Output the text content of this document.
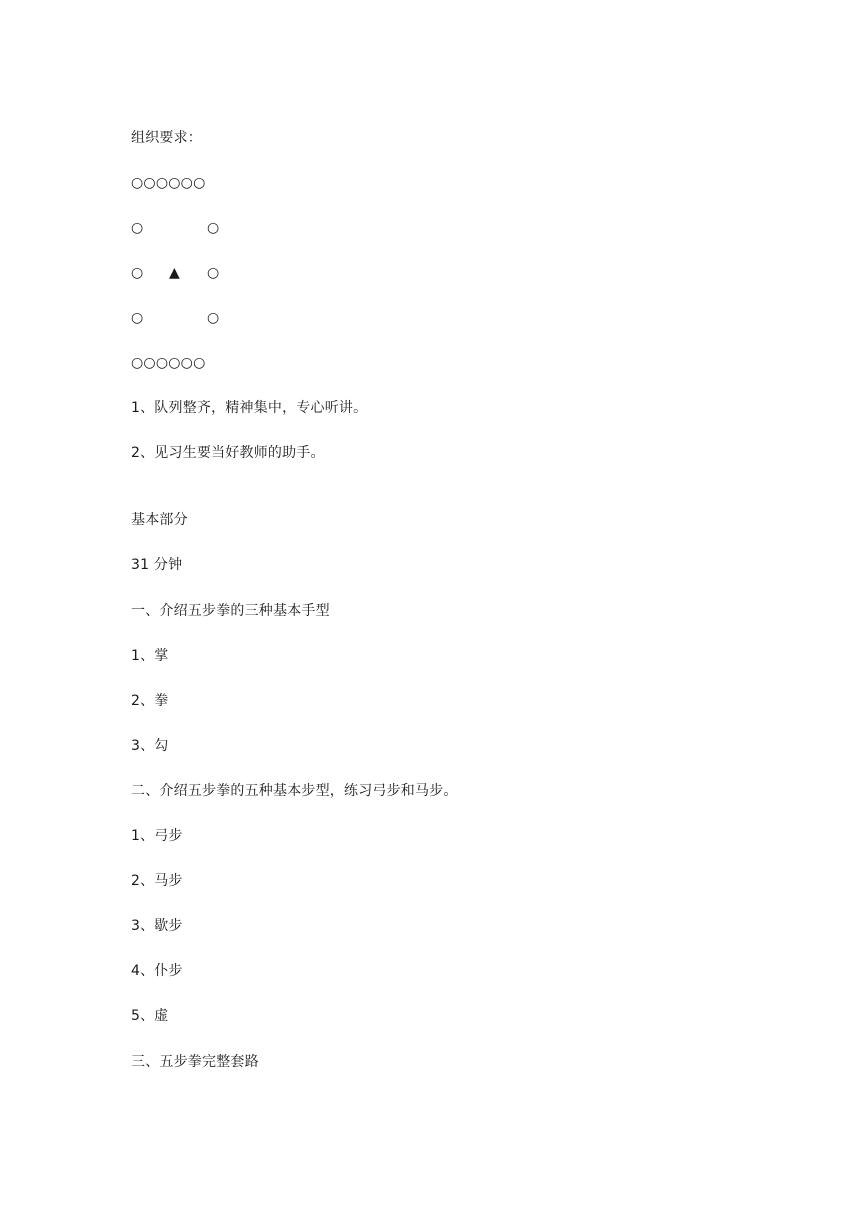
组织要求：
○○○○○○
○	○
○ ▲ ○
○	○
○○○○○○
1、队列整齐，精神集中，专心听讲。
2、见习生要当好教师的助手。
基本部分
31 分钟
一、介绍五步拳的三种基本手型
1、掌
2、拳
3、勾
二、介绍五步拳的五种基本步型，练习弓步和马步。
1、弓步
2、马步
3、歇步
4、仆步
5、虚
三、五步拳完整套路
